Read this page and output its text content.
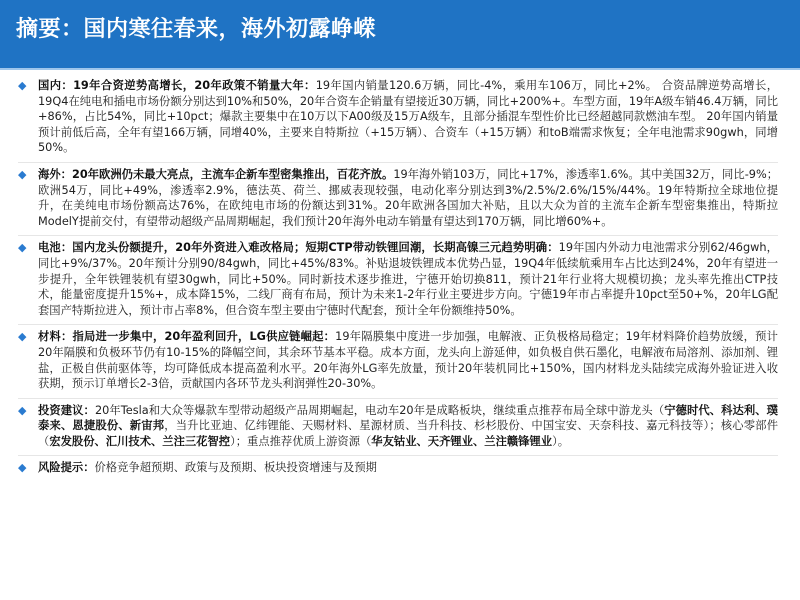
摘要：国内寒往春来，海外初露峥嵘
◆ 国内：19年合资逆势高增长，20年政策不销量大年：19年国内销量120.6万辆，同比-4%，乘用车106万，同比+2%。 合资品牌逆势高增长，19Q4在纯电和插电市场份额分别达到10%和50%，20年合资车企销量有望接近30万辆，同比+200%+。车型方面，19年A级车销46.4万辆，同比+86%，占比54%，同比+10pct；爆款主要集中在10万以下A00级及15万A级车，且部分插混车型性价比已经超越同款燃油车型。 20年国内销量预计前低后高，全年有望166万辆，同增40%，主要来自特斯拉（+15万辆）、合资车（+15万辆）和toB端需求恢复；全年电池需求90gwh，同增50%。
◆ 海外：20年欧洲仍未最大亮点，主流车企新车型密集推出，百花齐放。19年海外销103万，同比+17%，渗透率1.6%。其中美国32万，同比-9%；欧洲54万，同比+49%，渗透率2.9%，德法英、荷兰、挪威表现较强，电动化率分别达到3%/2.5%/2.6%/15%/44%。19年特斯拉全球地位提升，在美纯电市场份额高达76%，在欧纯电市场的份额达到31%。20年欧洲各国加大补贴，且以大众为首的主流车企新车型密集推出，特斯拉ModelY提前交付，有望带动超级产品周期崛起，我们预计20年海外电动车销量有望达到170万辆，同比增60%+。
◆ 电池：国内龙头份额提升，20年外资进入难改格局；短期CTP带动铁锂回潮，长期高镍三元趋势明确：19年国内外动力电池需求分别62/46gwh，同比+9%/37%。20年预计分别90/84gwh，同比+45%/83%。补贴退坡铁锂成本优势凸显，19Q4年低续航乘用车占比达到24%，20年有望进一步提升，全年铁锂装机有望30gwh，同比+50%。同时新技术逐步推进，宁德开始切换811，预计21年行业将大规模切换；龙头率先推出CTP技术，能量密度提升15%+，成本降15%，二线厂商有布局，预计为未来1-2年行业主要进步方向。宁德19年市占率提升10pct至50+%，20年LG配套国产特斯拉进入，预计市占率8%，但合资车型主要由宁德时代配套，预计全年份额维持50%。
◆ 材料：指局进一步集中，20年盈利回升，LG供应链崛起：19年隔膜集中度进一步加强，电解液、正负极格局稳定；19年材料降价趋势放缓，预计20年隔膜和负极环节仍有10-15%的降幅空间，其余环节基本平稳。成本方面，龙头向上游延伸，如负极自供石墨化，电解液布局溶剂、添加剂、锂盐，正极自供前驱体等，均可降低成本提高盈利水平。20年海外LG率先放量，预计20年装机同比+150%，国内材料龙头陆续完成海外验证进入收获期，预示订单增长2-3倍，贡献国内各环节龙头利润弹性20-30%。
◆ 投资建议：20年Tesla和大众等爆款车型带动超级产品周期崛起，电动车20年是成略板块，继续重点推荐布局全球中游龙头（宁德时代、科达利、璞泰来、恩捷股份、新宙邦，当升比亚迪、亿纬锂能、天赐材料、星源材质、当升科技、杉杉股份、中国宝安、天奈科技、嘉元科技等）；核心零部件（宏发股份、汇川技术、兰注三花智控）；重点推荐优质上游资源（华友钴业、天齐锂业、兰注赣锋锂业）。
◆ 风险提示：价格竞争超预期、政策与及预期、板块投资增速与及预期
